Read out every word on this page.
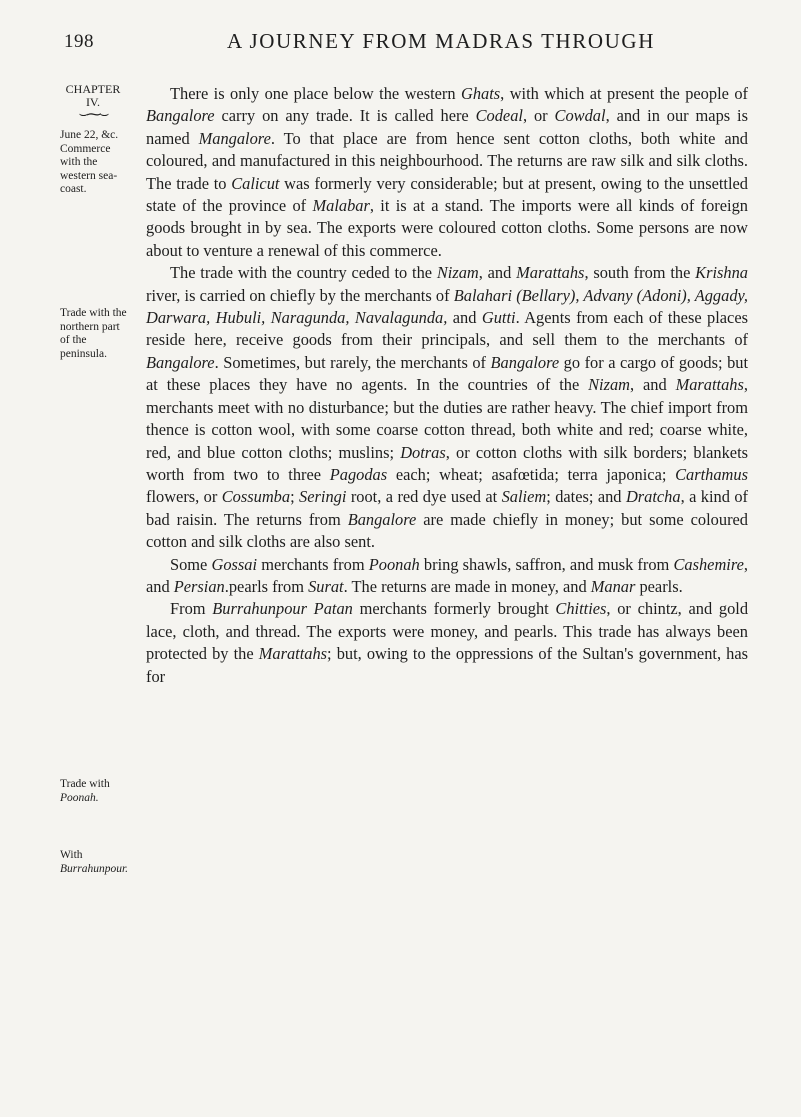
198	A JOURNEY FROM MADRAS THROUGH
CHAPTER
IV.
⌣⁓⌣
June 22, &c. Commerce with the western sea-coast.
Trade with the northern part of the peninsula.
Trade with Poonah.
With Burrahunpour.

There is only one place below the western Ghats, with which at present the people of Bangalore carry on any trade. It is called here Codeal, or Cowdal, and in our maps is named Mangalore. To that place are from hence sent cotton cloths, both white and coloured, and manufactured in this neighbourhood. The returns are raw silk and silk cloths. The trade to Calicut was formerly very considerable; but at present, owing to the unsettled state of the province of Malabar, it is at a stand. The imports were all kinds of foreign goods brought in by sea. The exports were coloured cotton cloths. Some persons are now about to venture a renewal of this commerce.

The trade with the country ceded to the Nizam, and Marattahs, south from the Krishna river, is carried on chiefly by the merchants of Balahari (Bellary), Advany (Adoni), Aggady, Darwara, Hubuli, Naragunda, Navalagunda, and Gutti. Agents from each of these places reside here, receive goods from their principals, and sell them to the merchants of Bangalore. Sometimes, but rarely, the merchants of Bangalore go for a cargo of goods; but at these places they have no agents. In the countries of the Nizam, and Marattahs, merchants meet with no disturbance; but the duties are rather heavy. The chief import from thence is cotton wool, with some coarse cotton thread, both white and red; coarse white, red, and blue cotton cloths; muslins; Dotras, or cotton cloths with silk borders; blankets worth from two to three Pagodas each; wheat; asafœtida; terra japonica; Carthamus flowers, or Cossumba; Seringi root, a red dye used at Saliem; dates; and Dratcha, a kind of bad raisin. The returns from Bangalore are made chiefly in money; but some coloured cotton and silk cloths are also sent.

Some Gossai merchants from Poonah bring shawls, saffron, and musk from Cashemire, and Persian.pearls from Surat. The returns are made in money, and Manar pearls.

From Burrahunpour Patan merchants formerly brought Chitties, or chintz, and gold lace, cloth, and thread. The exports were money, and pearls. This trade has always been protected by the Marattahs; but, owing to the oppressions of the Sultan's government, has for
